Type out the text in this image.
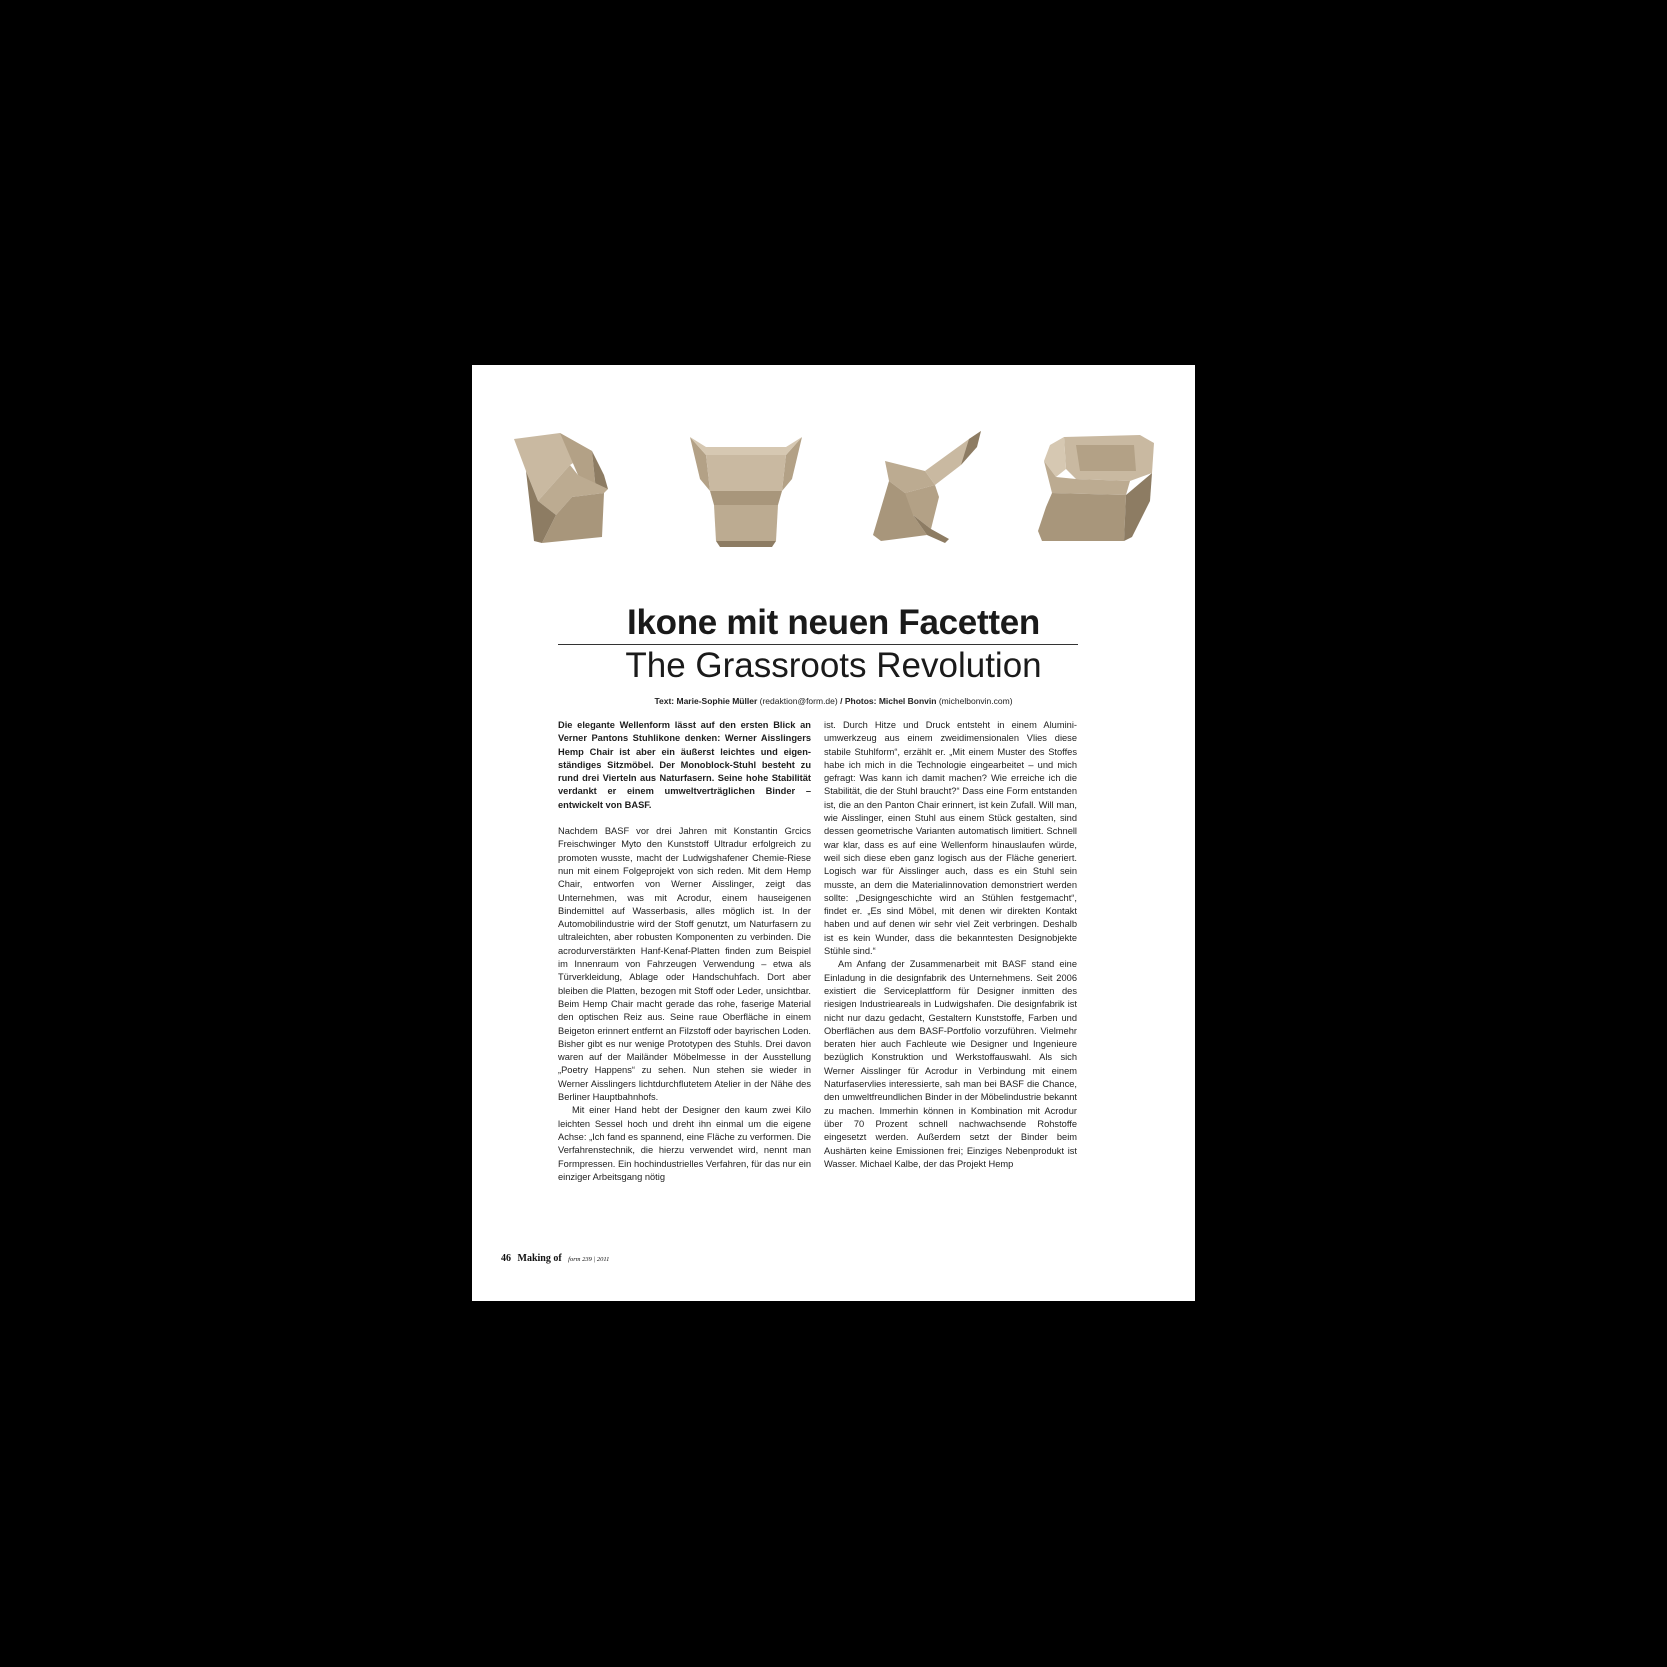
Ikone mit neuen Facetten
The Grassroots Revolution
Text: Marie-Sophie Müller (redaktion@form.de) / Photos: Michel Bonvin (michelbonvin.com)

Die elegante Wellenform lässt auf den ersten Blick an Verner Pantons Stuhlikone denken: Werner Aisslingers Hemp Chair ist aber ein äußerst leichtes und eigenständiges Sitzmöbel. Der Monoblock-Stuhl besteht zu rund drei Vierteln aus Naturfasern. Seine hohe Stabilität verdankt er einem umweltverträglichen Binder – entwickelt von BASF.

Nachdem BASF vor drei Jahren mit Konstantin Grcics Freischwinger Myto den Kunststoff Ultradur erfolgreich zu promoten wusste, macht der Ludwigshafener Chemie-Riese nun mit einem Folgeprojekt von sich reden. Mit dem Hemp Chair, entworfen von Werner Aisslinger, zeigt das Unternehmen, was mit Acrodur, einem hauseigenen Bindemittel auf Wasserbasis, alles möglich ist. In der Automobilindustrie wird der Stoff genutzt, um Naturfasern zu ultraleichten, aber robusten Komponenten zu verbinden. Die acrodurverstärkten Hanf-Kenaf-Platten finden zum Beispiel im Innenraum von Fahrzeugen Verwendung – etwa als Türverkleidung, Ablage oder Handschuhfach. Dort aber bleiben die Platten, bezogen mit Stoff oder Leder, unsichtbar. Beim Hemp Chair macht gerade das rohe, faserige Material den optischen Reiz aus. Seine raue Oberfläche in einem Beigeton erinnert entfernt an Filzstoff oder bayrischen Loden. Bisher gibt es nur wenige Prototypen des Stuhls. Drei davon waren auf der Mailänder Möbelmesse in der Ausstellung „Poetry Happens“ zu sehen. Nun stehen sie wieder in Werner Aisslingers lichtdurchflutetem Atelier in der Nähe des Berliner Hauptbahnhofs.

Mit einer Hand hebt der Designer den kaum zwei Kilo leichten Sessel hoch und dreht ihn einmal um die eigene Achse: „Ich fand es spannend, eine Fläche zu verformen. Die Verfahrenstechnik, die hierzu verwendet wird, nennt man Formpressen. Ein hochindustrielles Verfahren, für das nur ein einziger Arbeitsgang nötig

ist. Durch Hitze und Druck entsteht in einem Aluminiumwerkzeug aus einem zweidimensionalen Vlies diese stabile Stuhlform“, erzählt er. „Mit einem Muster des Stoffes habe ich mich in die Technologie eingearbeitet – und mich gefragt: Was kann ich damit machen? Wie erreiche ich die Stabilität, die der Stuhl braucht?“ Dass eine Form entstanden ist, die an den Panton Chair erinnert, ist kein Zufall. Will man, wie Aisslinger, einen Stuhl aus einem Stück gestalten, sind dessen geometrische Varianten automatisch limitiert. Schnell war klar, dass es auf eine Wellenform hinauslaufen würde, weil sich diese eben ganz logisch aus der Fläche generiert. Logisch war für Aisslinger auch, dass es ein Stuhl sein musste, an dem die Materialinnovation demonstriert werden sollte: „Designgeschichte wird an Stühlen festgemacht“, findet er. „Es sind Möbel, mit denen wir direkten Kontakt haben und auf denen wir sehr viel Zeit verbringen. Deshalb ist es kein Wunder, dass die bekanntesten Designobjekte Stühle sind.“

Am Anfang der Zusammenarbeit mit BASF stand eine Einladung in die designfabrik des Unternehmens. Seit 2006 existiert die Serviceplattform für Designer inmitten des riesigen Industrieareals in Ludwigshafen. Die designfabrik ist nicht nur dazu gedacht, Gestaltern Kunststoffe, Farben und Oberflächen aus dem BASF-Portfolio vorzuführen. Vielmehr beraten hier auch Fachleute wie Designer und Ingenieure bezüglich Konstruktion und Werkstoffauswahl. Als sich Werner Aisslinger für Acrodur in Verbindung mit einem Naturfaservlies interessierte, sah man bei BASF die Chance, den umweltfreundlichen Binder in der Möbelindustrie bekannt zu machen. Immerhin können in Kombination mit Acrodur über 70 Prozent schnell nachwachsende Rohstoffe eingesetzt werden. Außerdem setzt der Binder beim Aushärten keine Emissionen frei; Einziges Nebenprodukt ist Wasser. Michael Kalbe, der das Projekt Hemp

46 Making of form 239 | 2011
